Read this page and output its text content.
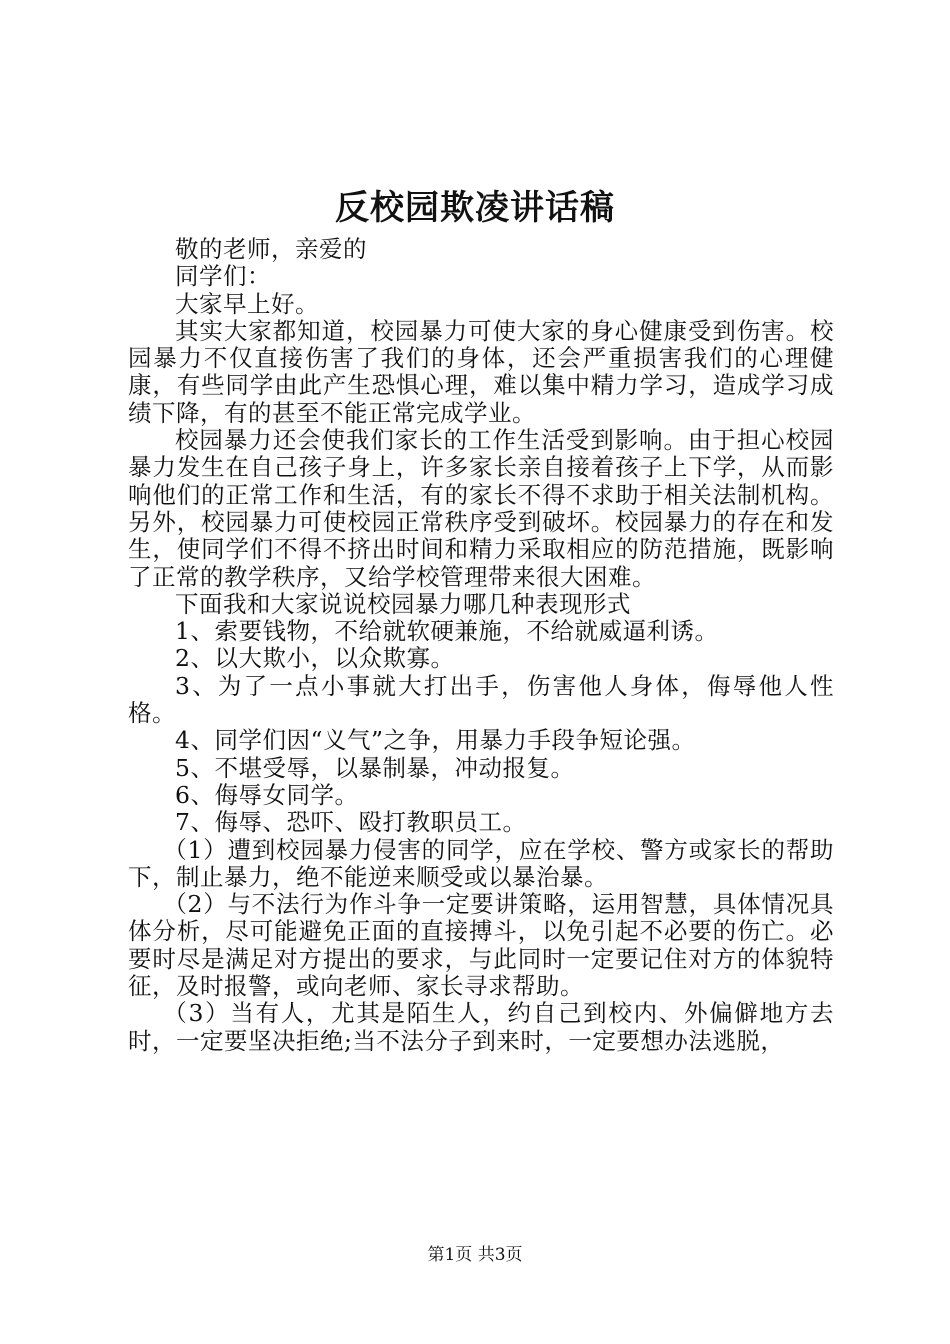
反校园欺凌讲话稿

敬的老师，亲爱的

同学们：

大家早上好。

其实大家都知道，校园暴力可使大家的身心健康受到伤害。校园暴力不仅直接伤害了我们的身体，还会严重损害我们的心理健康，有些同学由此产生恐惧心理，难以集中精力学习，造成学习成绩下降，有的甚至不能正常完成学业。

校园暴力还会使我们家长的工作生活受到影响。由于担心校园暴力发生在自己孩子身上，许多家长亲自接着孩子上下学，从而影响他们的正常工作和生活，有的家长不得不求助于相关法制机构。另外，校园暴力可使校园正常秩序受到破坏。校园暴力的存在和发生，使同学们不得不挤出时间和精力采取相应的防范措施，既影响了正常的教学秩序，又给学校管理带来很大困难。

下面我和大家说说校园暴力哪几种表现形式

1、索要钱物，不给就软硬兼施，不给就威逼利诱。

2、以大欺小，以众欺寡。

3、为了一点小事就大打出手，伤害他人身体，侮辱他人性格。

4、同学们因“义气”之争，用暴力手段争短论强。

5、不堪受辱，以暴制暴，冲动报复。

6、侮辱女同学。

7、侮辱、恐吓、殴打教职员工。

（1）遭到校园暴力侵害的同学，应在学校、警方或家长的帮助下，制止暴力，绝不能逆来顺受或以暴治暴。

（2）与不法行为作斗争一定要讲策略，运用智慧，具体情况具体分析，尽可能避免正面的直接搏斗，以免引起不必要的伤亡。必要时尽是满足对方提出的要求，与此同时一定要记住对方的体貌特征，及时报警，或向老师、家长寻求帮助。

（3）当有人，尤其是陌生人，约自己到校内、外偏僻地方去时，一定要坚决拒绝;当不法分子到来时，一定要想办法逃脱，

第1页 共3页
